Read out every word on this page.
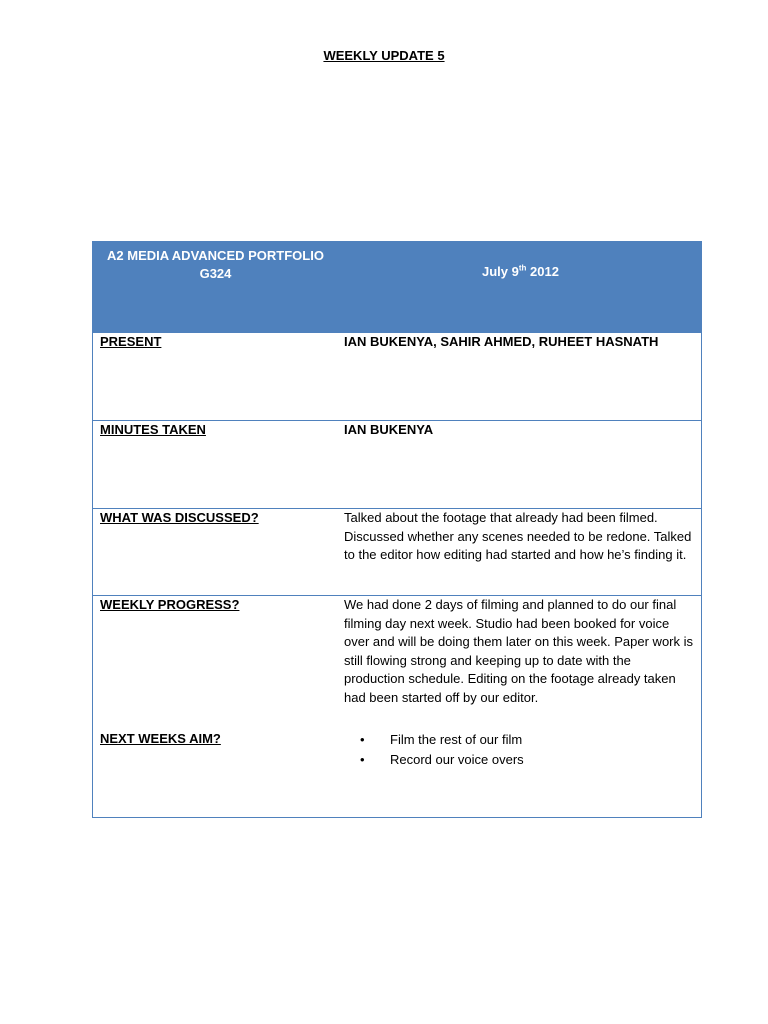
WEEKLY UPDATE 5
A2 MEDIA ADVANCED PORTFOLIO
G324	July 9th 2012
PRESENT	IAN BUKENYA, SAHIR AHMED, RUHEET HASNATH
MINUTES TAKEN	IAN BUKENYA
WHAT WAS DISCUSSED?	Talked about the footage that already had been filmed. Discussed whether any scenes needed to be redone. Talked to the editor how editing had started and how he’s finding it.
WEEKLY PROGRESS?	We had done 2 days of filming and planned to do our final filming day next week. Studio had been booked for voice over and will be doing them later on this week. Paper work is still flowing strong and keeping up to date with the production schedule. Editing on the footage already taken had been started off by our editor.
NEXT WEEKS AIM?	• Film the rest of our film
• Record our voice overs
